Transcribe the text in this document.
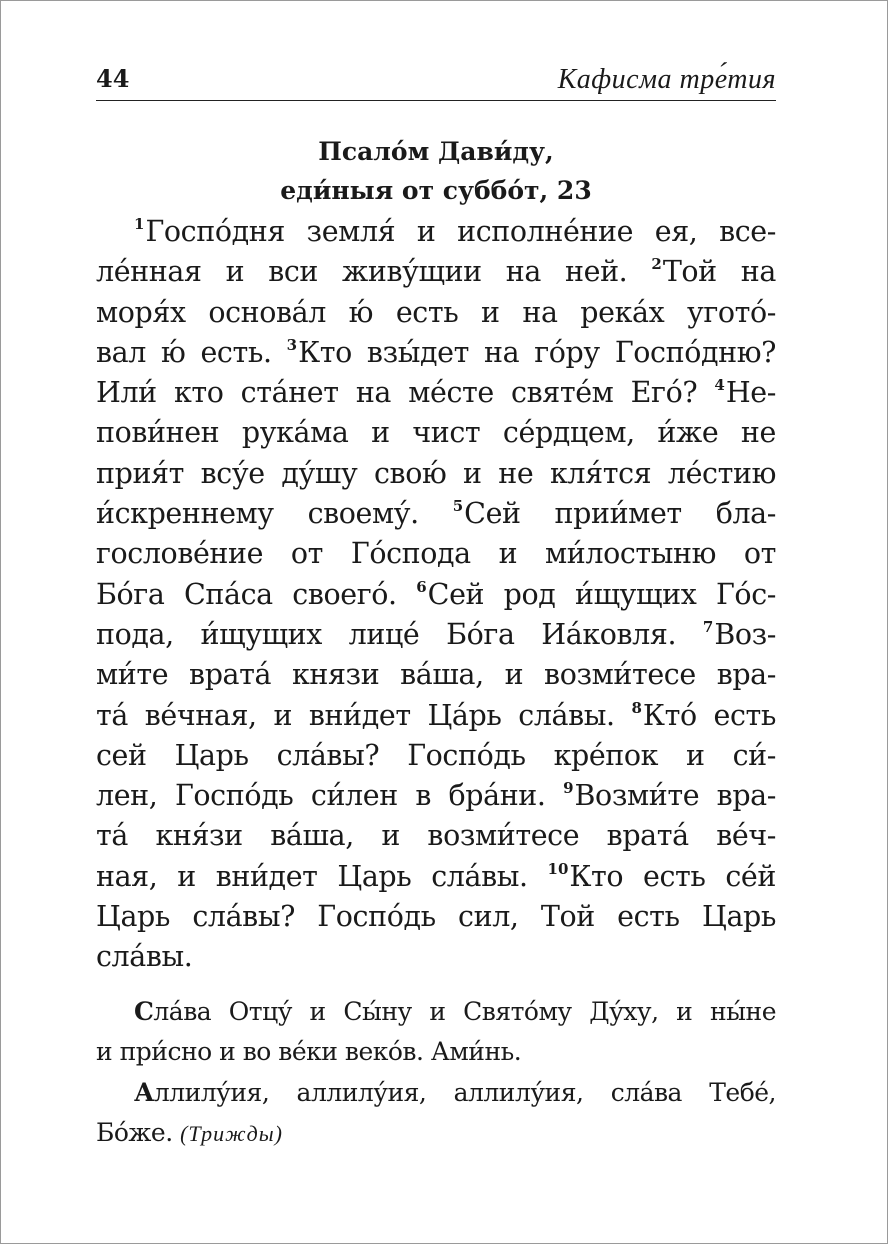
44	Кафисма тре́тия
Псало́м Дави́ду,
еди́ныя от суббо́т, 23
$^1$Госпо́дня земля́ и исполне́ние ея, все-
ле́нная и вси живу́щии на ней. $^2$Той на
моря́х основа́л ю́ есть и на река́х угото́-
вал ю́ есть. $^3$Кто взы́дет на го́ру Госпо́дню?
Или́ кто ста́нет на ме́сте святе́м Его́? $^4$Не-
пови́нен рука́ма и чист се́рдцем, и́же не
прия́т всу́е ду́шу свою́ и не кля́тся ле́стию
и́скреннему своему́. $^5$Сей прии́мет бла-
гослове́ние от Го́спода и ми́лостыню от
Бо́га Спа́са своего́. $^6$Сей род и́щущих Го́с-
пода, и́щущих лице́ Бо́га Иа́ковля. $^7$Воз-
ми́те врата́ князи ва́ша, и возми́тесе вра-
та́ ве́чная, и вни́дет Ца́рь сла́вы. $^8$Кто́ есть
сей Царь сла́вы? Госпо́дь кре́пок и си́-
лен, Госпо́дь си́лен в бра́ни. $^9$Возми́те вра-
та́ кня́зи ва́ша, и возми́тесе врата́ ве́ч-
ная, и вни́дет Царь сла́вы. $^{10}$Кто есть се́й
Царь сла́вы? Госпо́дь сил, Той есть Царь
сла́вы.
Сла́ва Отцу́ и Сы́ну и Свято́му Ду́ху, и ны́не
и при́сно и во ве́ки веко́в. Ами́нь.
Аллилу́ия, аллилу́ия, аллилу́ия, сла́ва Тебе́,
Бо́же. (Трижды)
